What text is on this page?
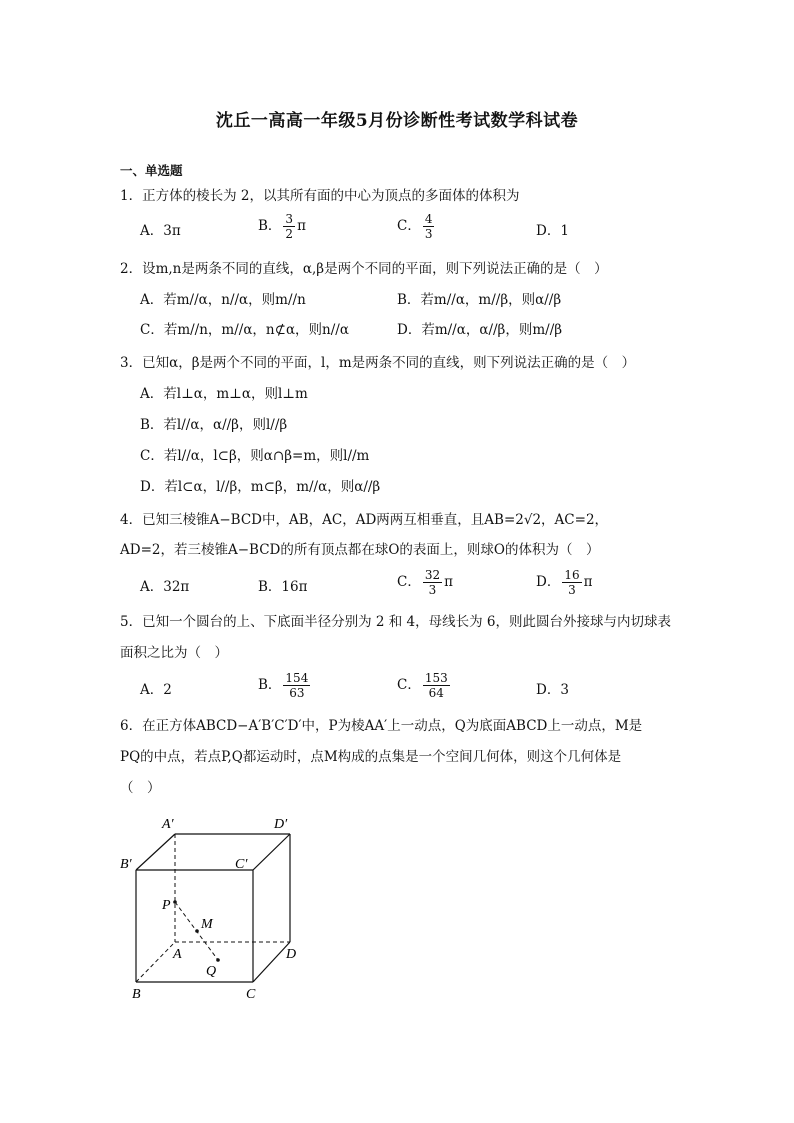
沈丘一高高一年级5月份诊断性考试数学科试卷
一、单选题
1．正方体的棱长为 2，以其所有面的中心为顶点的多面体的体积为
A．3π	B． $\frac{3}{2}$ π	C． $\frac{4}{3}$	D．1
2．设m,n是两条不同的直线，α,β是两个不同的平面，则下列说法正确的是（　）
A．若m//α，n//α，则m//n	B．若m//α，m//β，则α//β
C．若m//n，m//α，n⊄α，则n//α	D．若m//α，α//β，则m//β
3．已知α，β是两个不同的平面，l，m是两条不同的直线，则下列说法正确的是（　）
A．若l⊥α，m⊥α，则l⊥m
B．若l//α，α//β，则l//β
C．若l//α，l⊂β，则α∩β=m，则l//m
D．若l⊂α，l//β，m⊂β，m//α，则α//β
4．已知三棱锥A−BCD中，AB，AC，AD两两互相垂直，且AB=2√2，AC=2，
AD=2，若三棱锥A−BCD的所有顶点都在球O的表面上，则球O的体积为（　）
A．32π	B．16π	C． $\frac{32}{3}$ π	D． $\frac{16}{3}$ π
5．已知一个圆台的上、下底面半径分别为 2 和 4，母线长为 6，则此圆台外接球与内切球表
面积之比为（　）
A．2	B． $\frac{154}{63}$	C． $\frac{153}{64}$	D．3
6．在正方体ABCD−A′B′C′D′中，P为棱AA′上一动点，Q为底面ABCD上一动点，M是
PQ的中点，若点P,Q都运动时，点M构成的点集是一个空间几何体，则这个几何体是
（　）
A′	D′
B′	C′
P
M
A	D
Q
B	C
